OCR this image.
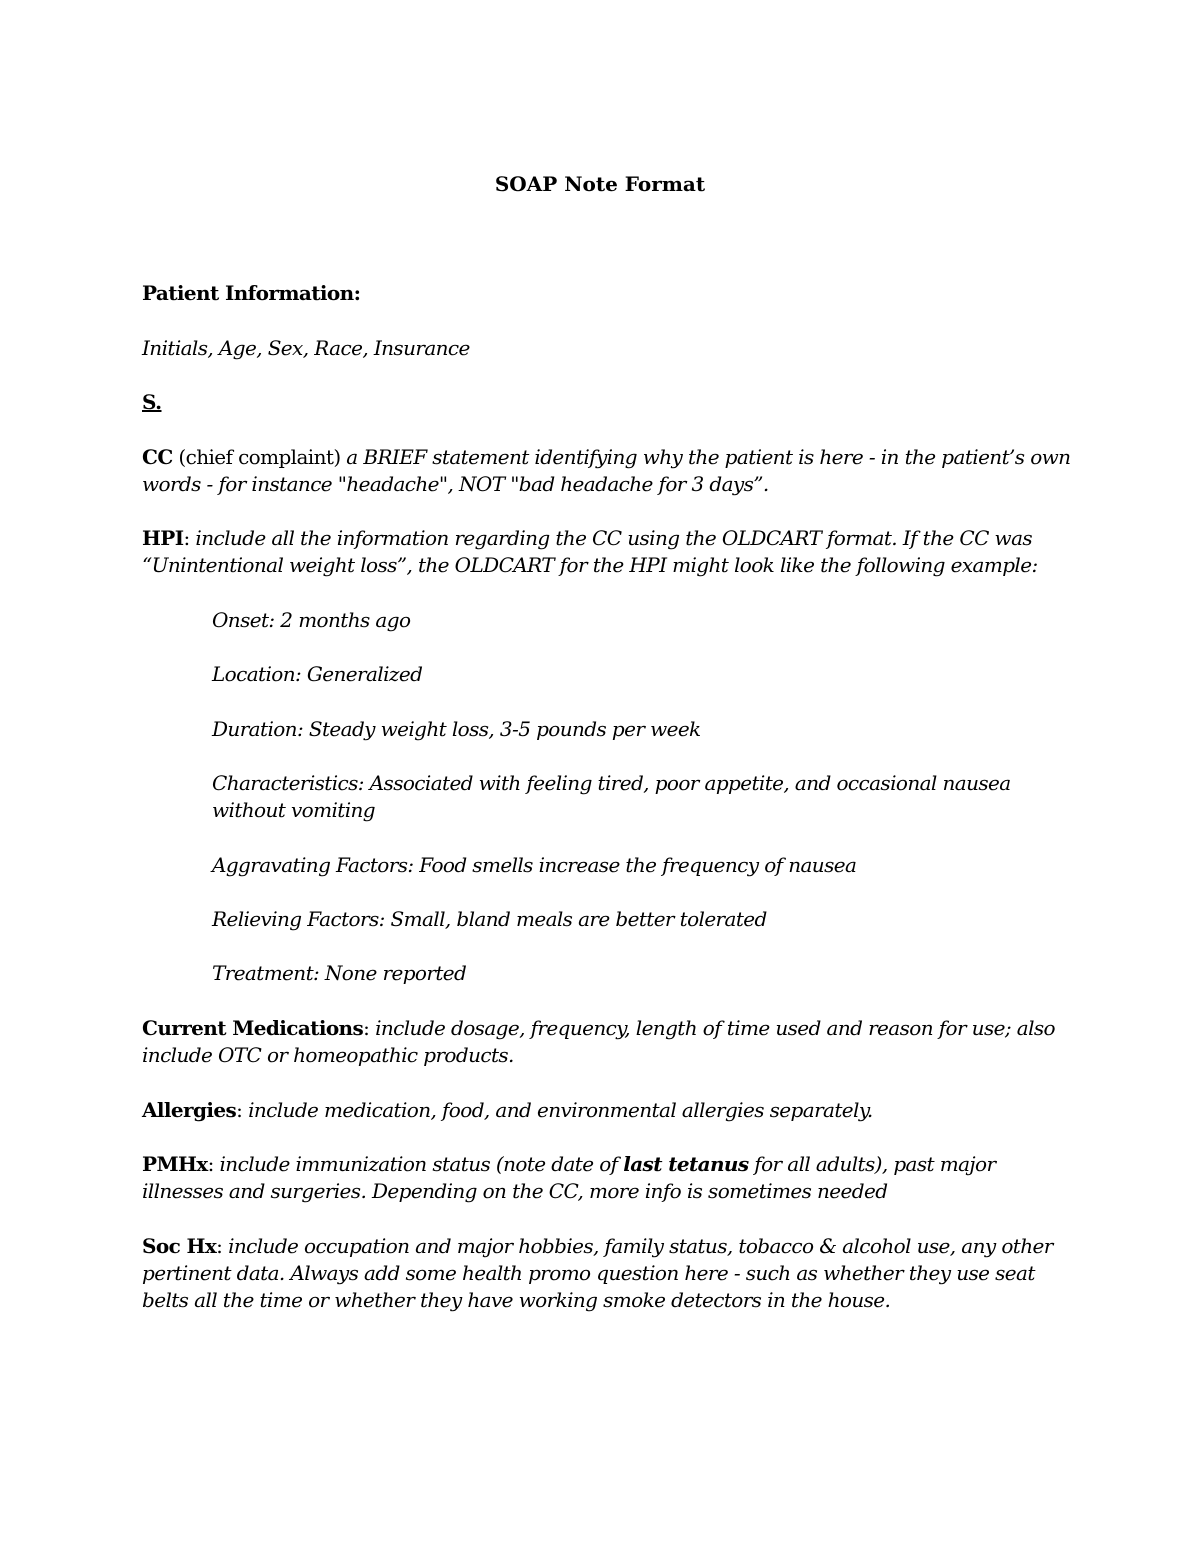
SOAP Note Format
Patient Information:
Initials, Age, Sex, Race, Insurance
S.
CC (chief complaint) a BRIEF statement identifying why the patient is here - in the patient’s own words - for instance "headache", NOT "bad headache for 3 days”.
HPI: include all the information regarding the CC using the OLDCART format. If the CC was “Unintentional weight loss”, the OLDCART for the HPI might look like the following example:
Onset: 2 months ago
Location: Generalized
Duration: Steady weight loss, 3-5 pounds per week
Characteristics: Associated with feeling tired, poor appetite, and occasional nausea without vomiting
Aggravating Factors: Food smells increase the frequency of nausea
Relieving Factors: Small, bland meals are better tolerated
Treatment: None reported
Current Medications: include dosage, frequency, length of time used and reason for use; also include OTC or homeopathic products.
Allergies: include medication, food, and environmental allergies separately.
PMHx: include immunization status (note date of last tetanus for all adults), past major illnesses and surgeries. Depending on the CC, more info is sometimes needed
Soc Hx: include occupation and major hobbies, family status, tobacco & alcohol use, any other pertinent data. Always add some health promo question here - such as whether they use seat belts all the time or whether they have working smoke detectors in the house.
